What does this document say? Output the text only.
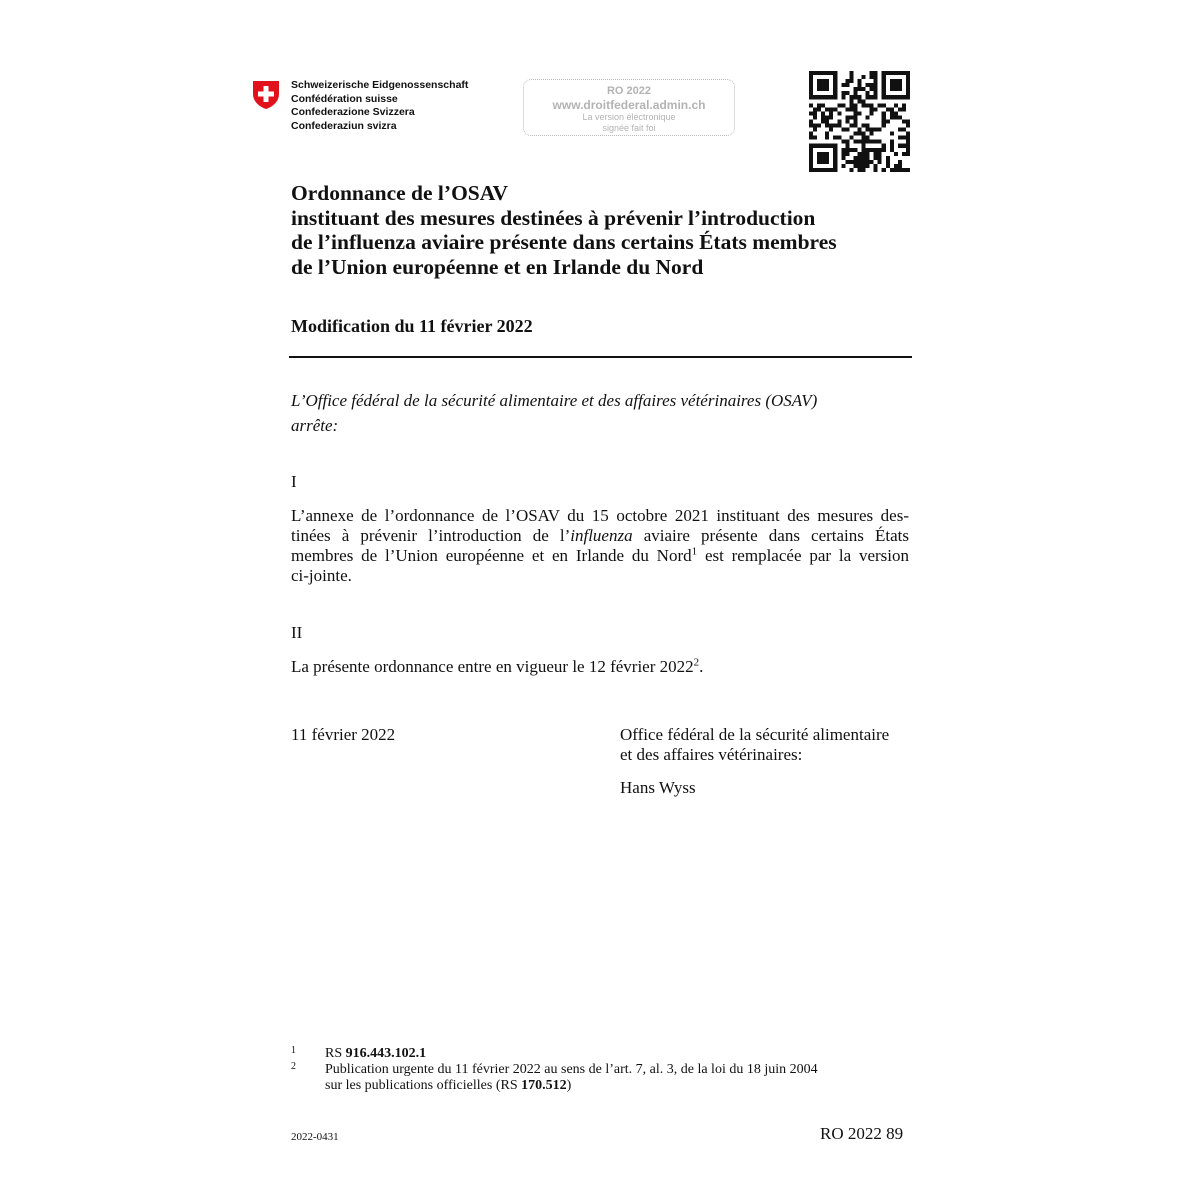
Schweizerische Eidgenossenschaft
Confédération suisse
Confederazione Svizzera
Confederaziun svizra
RO 2022
www.droitfederal.admin.ch
La version électronique
signée fait foi
Ordonnance de l’OSAV
instituant des mesures destinées à prévenir l’introduction
de l’influenza aviaire présente dans certains États membres
de l’Union européenne et en Irlande du Nord
Modification du 11 février 2022
L’Office fédéral de la sécurité alimentaire et des affaires vétérinaires (OSAV)
arrête:
I
L’annexe de l’ordonnance de l’OSAV du 15 octobre 2021 instituant des mesures des-
tinées à prévenir l’introduction de l’influenza aviaire présente dans certains États
membres de l’Union européenne et en Irlande du Nord$^1$ est remplacée par la version
ci-jointe.
II
La présente ordonnance entre en vigueur le 12 février 2022$^2$.
11 février 2022	Office fédéral de la sécurité alimentaire
et des affaires vétérinaires:
Hans Wyss
1 RS 916.443.102.1
2 Publication urgente du 11 février 2022 au sens de l’art. 7, al. 3, de la loi du 18 juin 2004
sur les publications officielles (RS 170.512)
2022-0431	RO 2022 89
